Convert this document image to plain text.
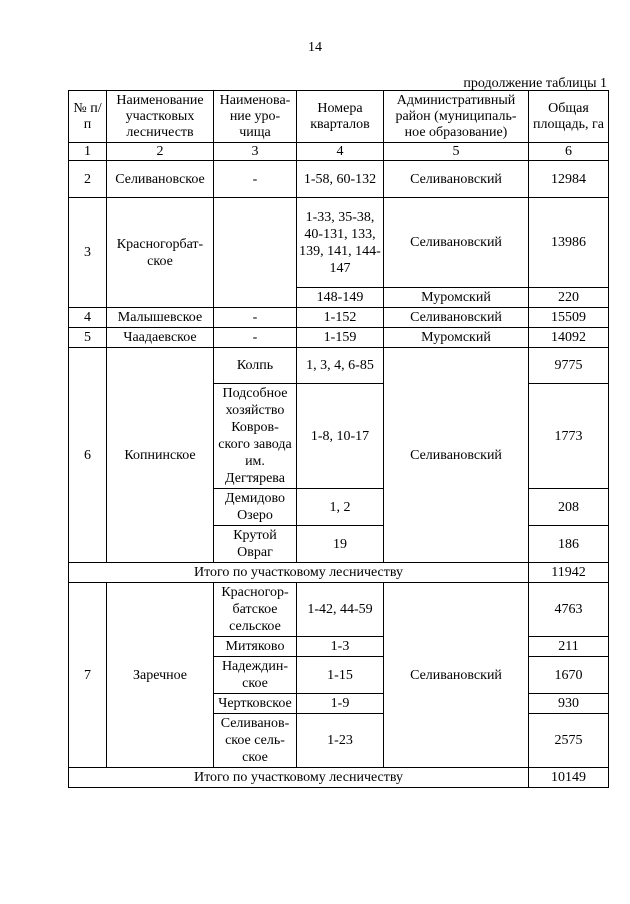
14
продолжение таблицы 1
№ п/п	Наименование участковых лесничеств	Наименова-ние уро-чища	Номера кварталов	Административный район (муниципаль-ное образование)	Общая площадь, га
1	2	3	4	5	6
2	Селивановское	-	1-58, 60-132	Селивановский	12984
3	Красногорбат-ское		1-33, 35-38, 40-131, 133, 139, 141, 144-147	Селивановский	13986
			148-149	Муромский	220
4	Малышевское	-	1-152	Селивановский	15509
5	Чаадаевское	-	1-159	Муромский	14092
6	Копнинское	Колпь	1, 3, 4, 6-85	Селивановский	9775
		Подсобное хозяйство Ковров-ского завода им. Дегтярева	1-8, 10-17		1773
		Демидово Озеро	1, 2		208
		Крутой Овраг	19		186
Итого по участковому лесничеству					11942
7	Заречное	Красногор-батское сельское	1-42, 44-59	Селивановский	4763
		Митяково	1-3		211
		Надеждин-ское	1-15		1670
		Чертковское	1-9		930
		Селиванов-ское сель-ское	1-23		2575
Итого по участковому лесничеству					10149
